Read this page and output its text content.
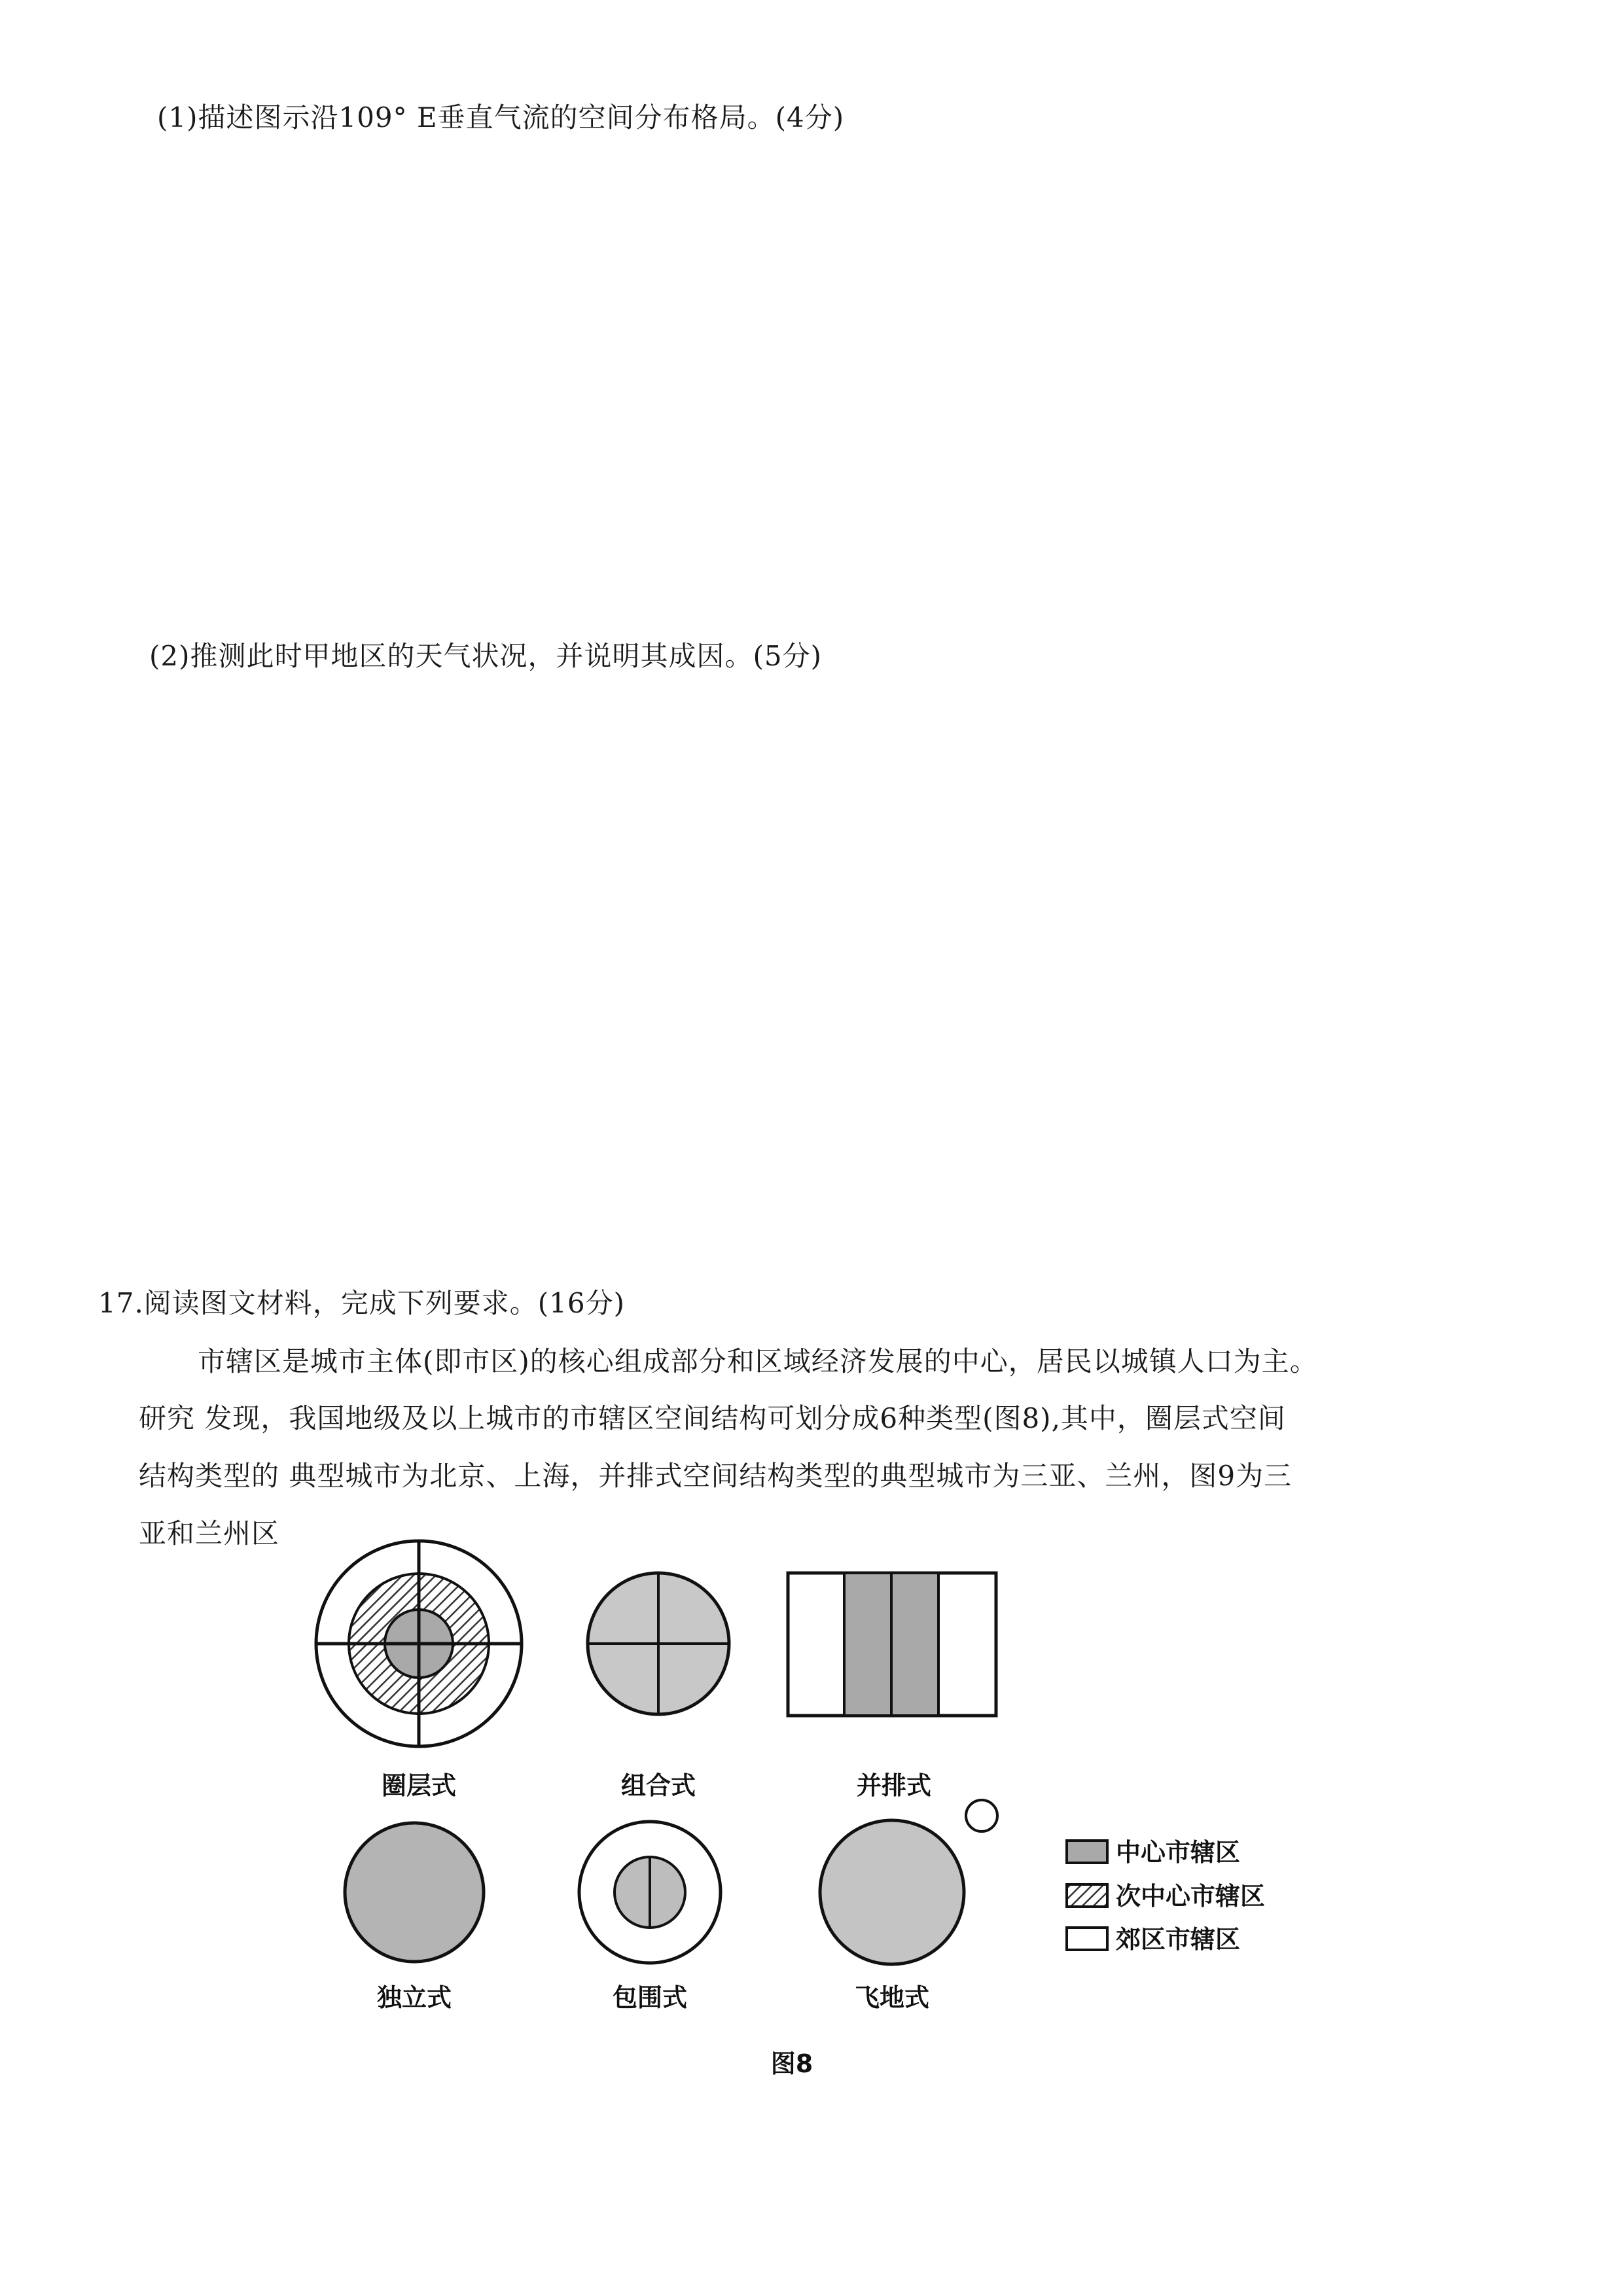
(1)描述图示沿109° E垂直气流的空间分布格局。(4分)
(2)推测此时甲地区的天气状况，并说明其成因。(5分)
17.阅读图文材料，完成下列要求。(16分)
市辖区是城市主体(即市区)的核心组成部分和区域经济发展的中心，居民以城镇人口为主。
研究 发现，我国地级及以上城市的市辖区空间结构可划分成6种类型(图8),其中，圈层式空间
结构类型的 典型城市为北京、上海，并排式空间结构类型的典型城市为三亚、兰州，图9为三
亚和兰州区
圈层式	组合式	并排式
独立式	包围式	飞地式
中心市辖区
次中心市辖区
郊区市辖区
图8
